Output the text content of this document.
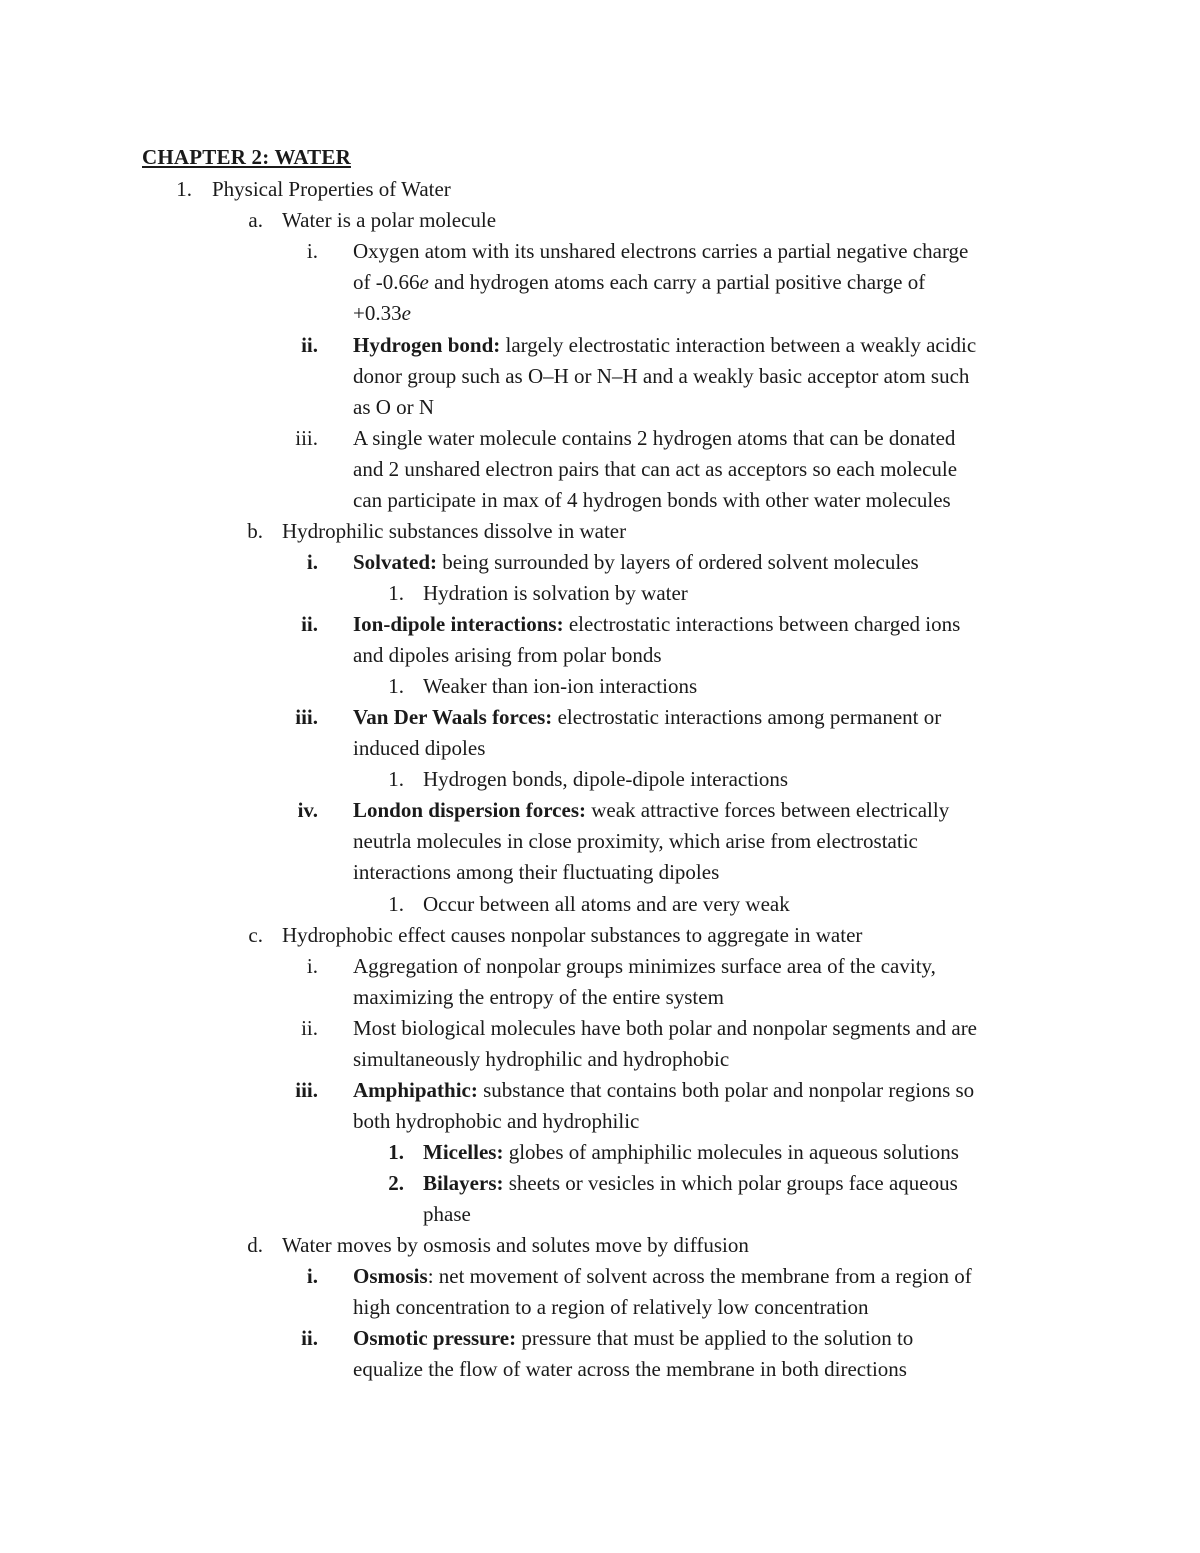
CHAPTER 2: WATER
1. Physical Properties of Water
a. Water is a polar molecule
i. Oxygen atom with its unshared electrons carries a partial negative charge
of -0.66e and hydrogen atoms each carry a partial positive charge of
+0.33e
ii. Hydrogen bond: largely electrostatic interaction between a weakly acidic
donor group such as O–H or N–H and a weakly basic acceptor atom such
as O or N
iii. A single water molecule contains 2 hydrogen atoms that can be donated
and 2 unshared electron pairs that can act as acceptors so each molecule
can participate in max of 4 hydrogen bonds with other water molecules
b. Hydrophilic substances dissolve in water
i. Solvated: being surrounded by layers of ordered solvent molecules
1. Hydration is solvation by water
ii. Ion-dipole interactions: electrostatic interactions between charged ions
and dipoles arising from polar bonds
1. Weaker than ion-ion interactions
iii. Van Der Waals forces: electrostatic interactions among permanent or
induced dipoles
1. Hydrogen bonds, dipole-dipole interactions
iv. London dispersion forces: weak attractive forces between electrically
neutrla molecules in close proximity, which arise from electrostatic
interactions among their fluctuating dipoles
1. Occur between all atoms and are very weak
c. Hydrophobic effect causes nonpolar substances to aggregate in water
i. Aggregation of nonpolar groups minimizes surface area of the cavity,
maximizing the entropy of the entire system
ii. Most biological molecules have both polar and nonpolar segments and are
simultaneously hydrophilic and hydrophobic
iii. Amphipathic: substance that contains both polar and nonpolar regions so
both hydrophobic and hydrophilic
1. Micelles: globes of amphiphilic molecules in aqueous solutions
2. Bilayers: sheets or vesicles in which polar groups face aqueous
phase
d. Water moves by osmosis and solutes move by diffusion
i. Osmosis: net movement of solvent across the membrane from a region of
high concentration to a region of relatively low concentration
ii. Osmotic pressure: pressure that must be applied to the solution to
equalize the flow of water across the membrane in both directions
